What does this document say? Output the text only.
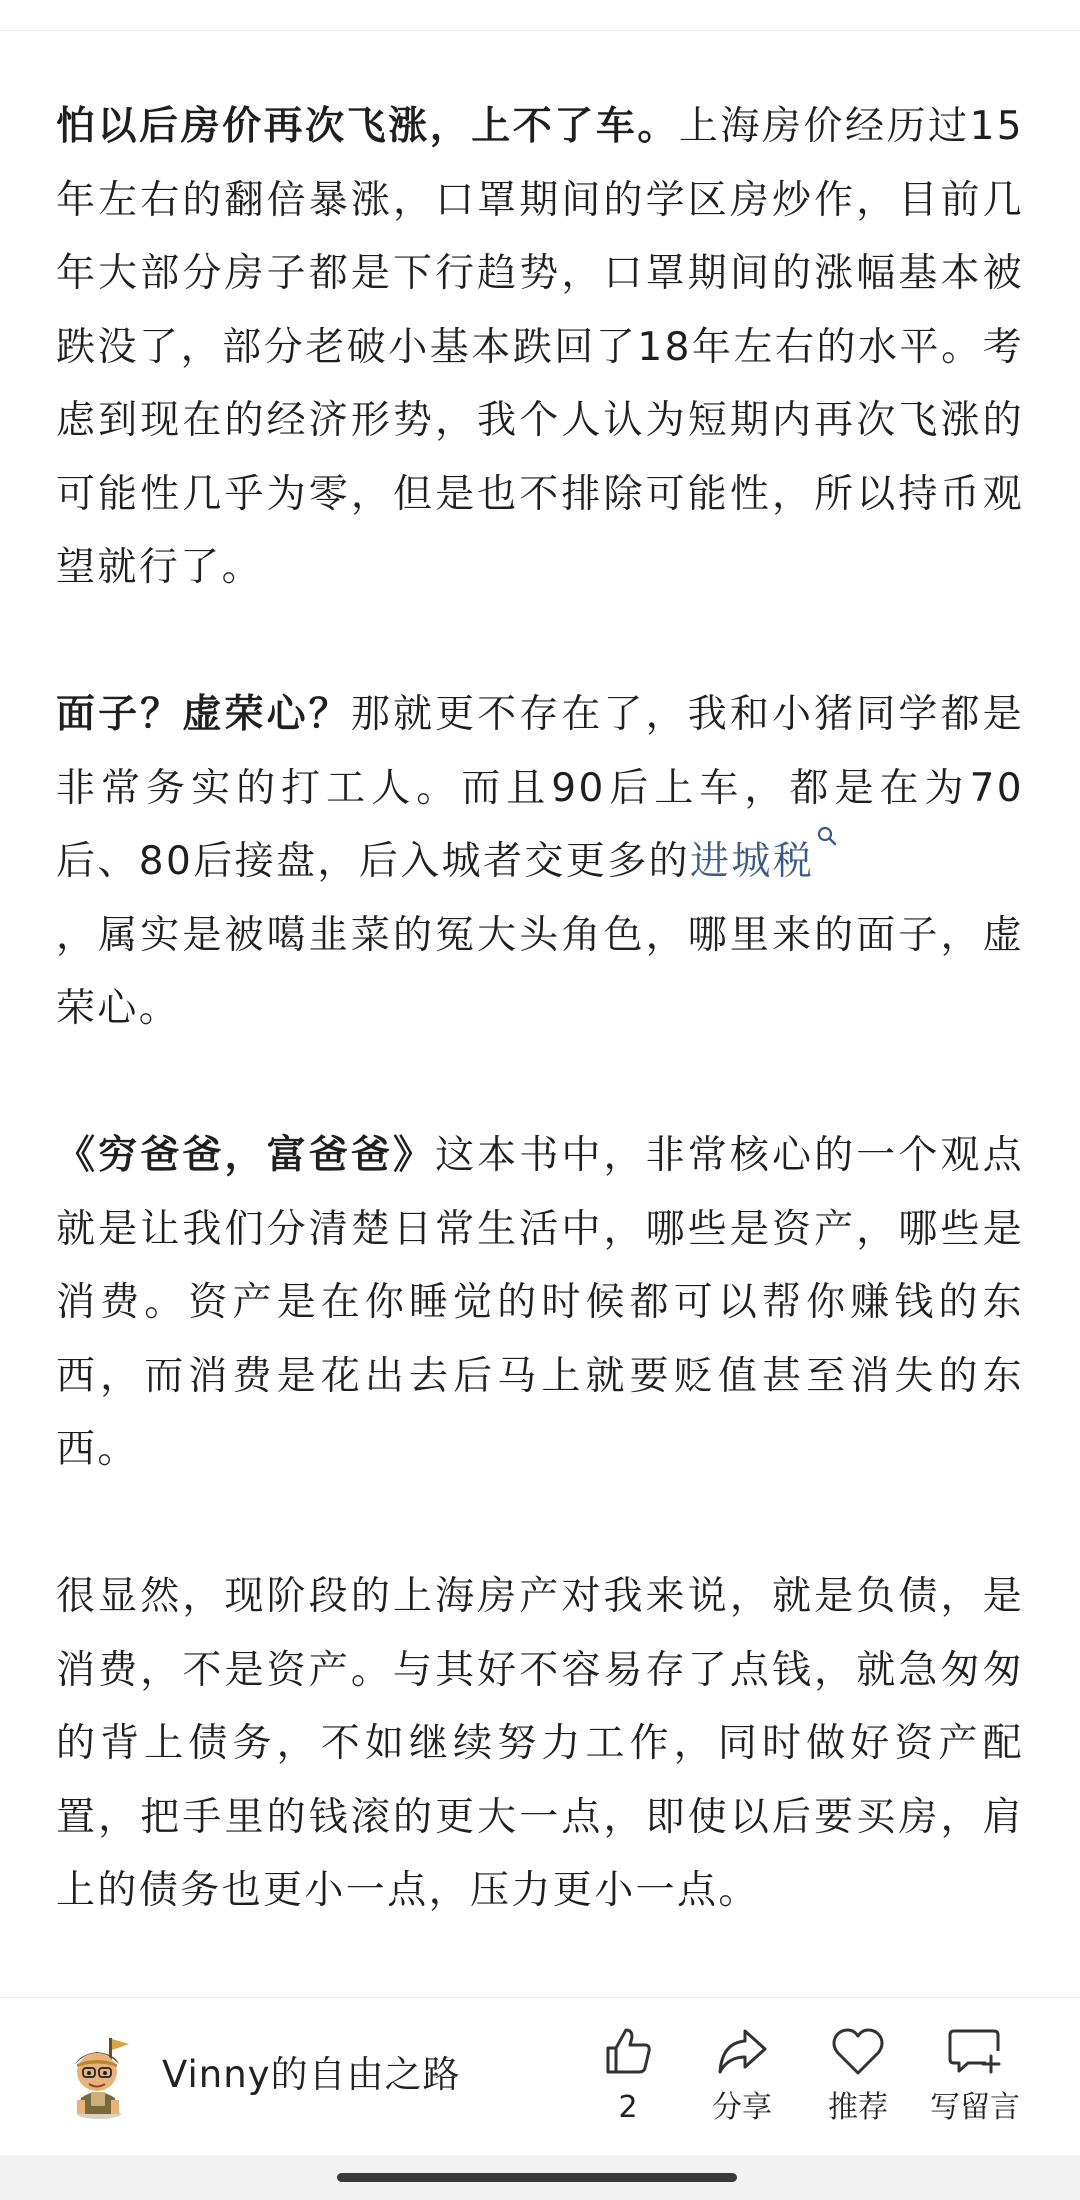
怕以后房价再次飞涨，上不了车。上海房价经历过15年左右的翻倍暴涨，口罩期间的学区房炒作，目前几年大部分房子都是下行趋势，口罩期间的涨幅基本被跌没了，部分老破小基本跌回了18年左右的水平。考虑到现在的经济形势，我个人认为短期内再次飞涨的可能性几乎为零，但是也不排除可能性，所以持币观望就行了。

面子？虚荣心？那就更不存在了，我和小猪同学都是非常务实的打工人。而且90后上车，都是在为70后、80后接盘，后入城者交更多的进城税

，属实是被噶韭菜的冤大头角色，哪里来的面子，虚荣心。

《穷爸爸，富爸爸》这本书中，非常核心的一个观点就是让我们分清楚日常生活中，哪些是资产，哪些是消费。资产是在你睡觉的时候都可以帮你赚钱的东西，而消费是花出去后马上就要贬值甚至消失的东西。

很显然，现阶段的上海房产对我来说，就是负债，是消费，不是资产。与其好不容易存了点钱，就急匆匆的背上债务，不如继续努力工作，同时做好资产配置，把手里的钱滚的更大一点，即使以后要买房，肩上的债务也更小一点，压力更小一点。

Vinny的自由之路
2	分享	推荐	写留言
